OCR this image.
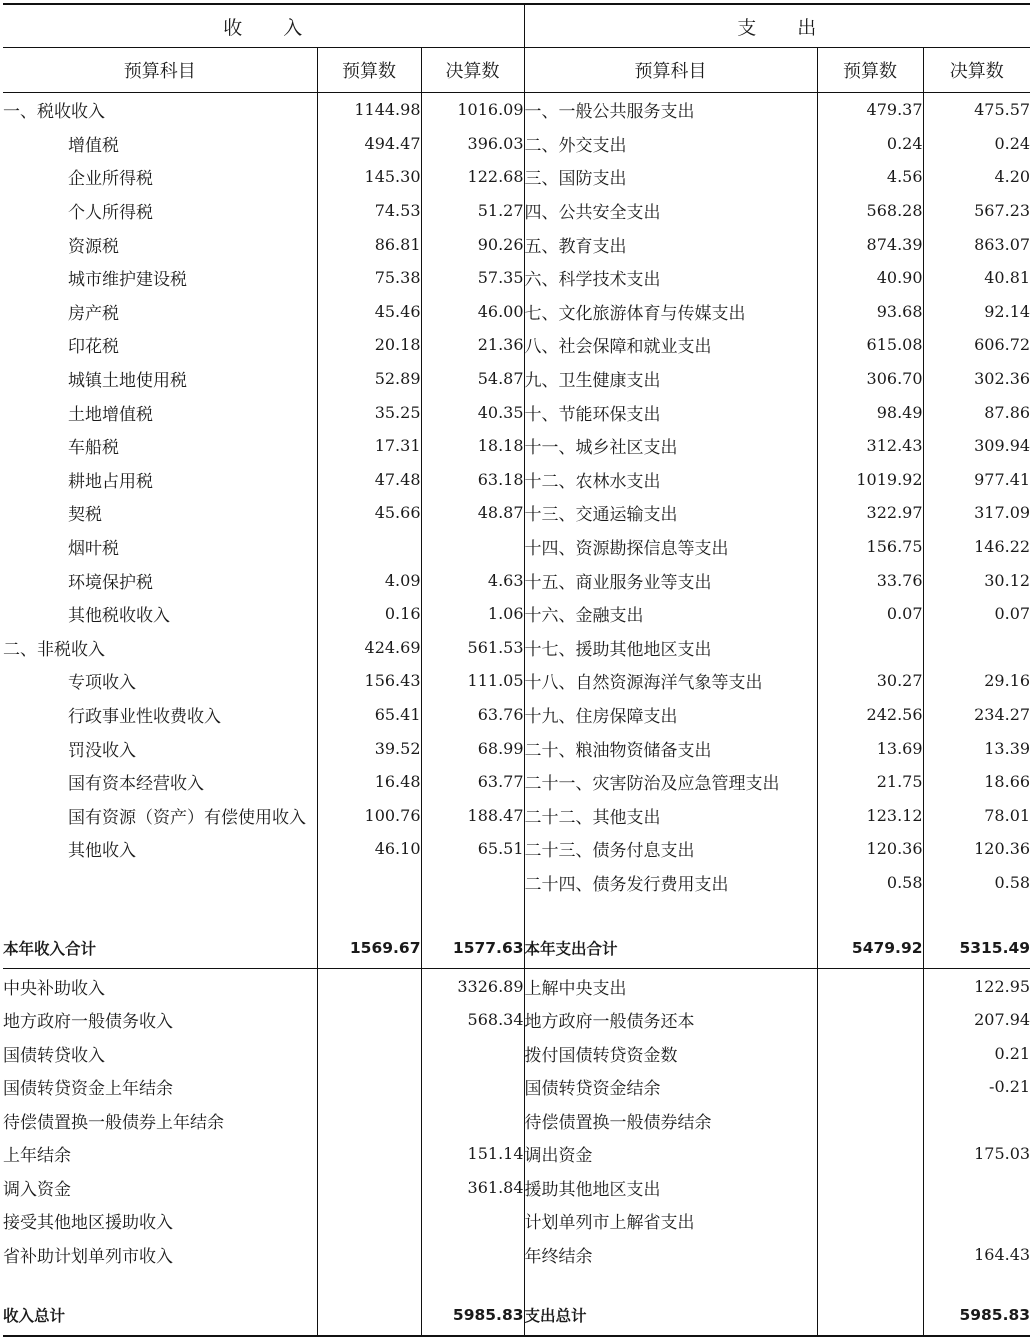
收　　入			支　　出		
预算科目	预算数	决算数	预算科目	预算数	决算数
一、税收收入	1144.98	1016.09	一、一般公共服务支出	479.37	475.57
增值税	494.47	396.03	二、外交支出	0.24	0.24
企业所得税	145.30	122.68	三、国防支出	4.56	4.20
个人所得税	74.53	51.27	四、公共安全支出	568.28	567.23
资源税	86.81	90.26	五、教育支出	874.39	863.07
城市维护建设税	75.38	57.35	六、科学技术支出	40.90	40.81
房产税	45.46	46.00	七、文化旅游体育与传媒支出	93.68	92.14
印花税	20.18	21.36	八、社会保障和就业支出	615.08	606.72
城镇土地使用税	52.89	54.87	九、卫生健康支出	306.70	302.36
土地增值税	35.25	40.35	十、节能环保支出	98.49	87.86
车船税	17.31	18.18	十一、城乡社区支出	312.43	309.94
耕地占用税	47.48	63.18	十二、农林水支出	1019.92	977.41
契税	45.66	48.87	十三、交通运输支出	322.97	317.09
烟叶税			十四、资源勘探信息等支出	156.75	146.22
环境保护税	4.09	4.63	十五、商业服务业等支出	33.76	30.12
其他税收收入	0.16	1.06	十六、金融支出	0.07	0.07
二、非税收入	424.69	561.53	十七、援助其他地区支出		
专项收入	156.43	111.05	十八、自然资源海洋气象等支出	30.27	29.16
行政事业性收费收入	65.41	63.76	十九、住房保障支出	242.56	234.27
罚没收入	39.52	68.99	二十、粮油物资储备支出	13.69	13.39
国有资本经营收入	16.48	63.77	二十一、灾害防治及应急管理支出	21.75	18.66
国有资源（资产）有偿使用收入	100.76	188.47	二十二、其他支出	123.12	78.01
其他收入	46.10	65.51	二十三、债务付息支出	120.36	120.36
			二十四、债务发行费用支出	0.58	0.58

本年收入合计	1569.67	1577.63	本年支出合计	5479.92	5315.49
中央补助收入		3326.89	上解中央支出		122.95
地方政府一般债务收入		568.34	地方政府一般债务还本		207.94
国债转贷收入			拨付国债转贷资金数		0.21
国债转贷资金上年结余			国债转贷资金结余		-0.21
待偿债置换一般债券上年结余			待偿债置换一般债券结余		
上年结余		151.14	调出资金		175.03
调入资金		361.84	援助其他地区支出		
接受其他地区援助收入			计划单列市上解省支出		
省补助计划单列市收入			年终结余		164.43

收入总计		5985.83	支出总计		5985.83
